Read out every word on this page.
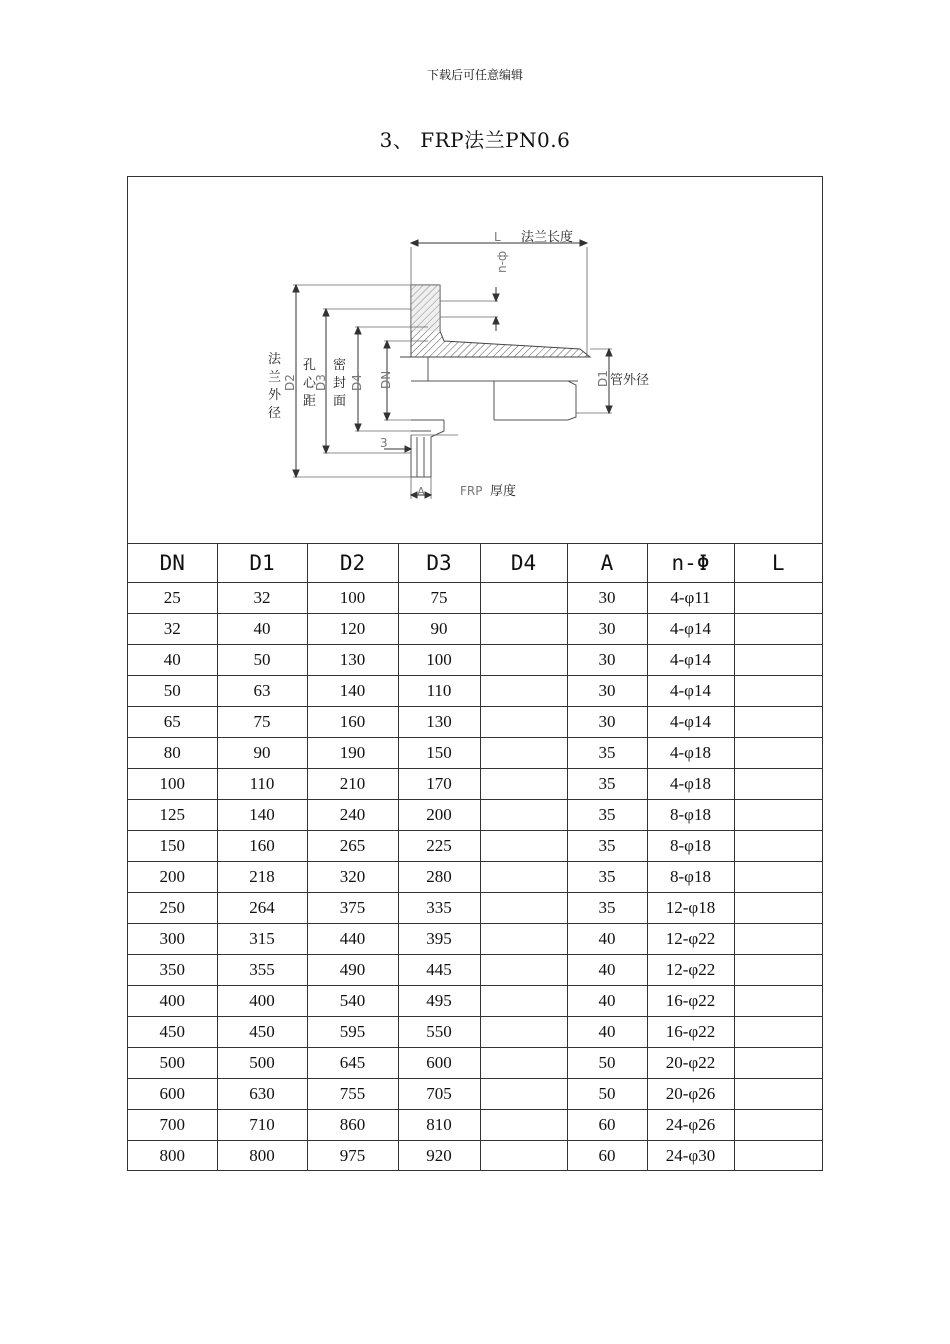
下载后可任意编辑
3、 FRP法兰PN0.6
法兰长度
L
n-ф
法
兰
外
径
D2
孔
心
距
D3
密
封
面
D4 DN	D1 管外径
3
A	FRP 厚度
DN	D1	D2	D3	D4	A	n-Φ	L
25	32	100	75		30	4-φ11	
32	40	120	90		30	4-φ14	
40	50	130	100		30	4-φ14	
50	63	140	110		30	4-φ14	
65	75	160	130		30	4-φ14	
80	90	190	150		35	4-φ18	
100	110	210	170		35	4-φ18	
125	140	240	200		35	8-φ18	
150	160	265	225		35	8-φ18	
200	218	320	280		35	8-φ18	
250	264	375	335		35	12-φ18	
300	315	440	395		40	12-φ22	
350	355	490	445		40	12-φ22	
400	400	540	495		40	16-φ22	
450	450	595	550		40	16-φ22	
500	500	645	600		50	20-φ22	
600	630	755	705		50	20-φ26	
700	710	860	810		60	24-φ26	
800	800	975	920		60	24-φ30	
